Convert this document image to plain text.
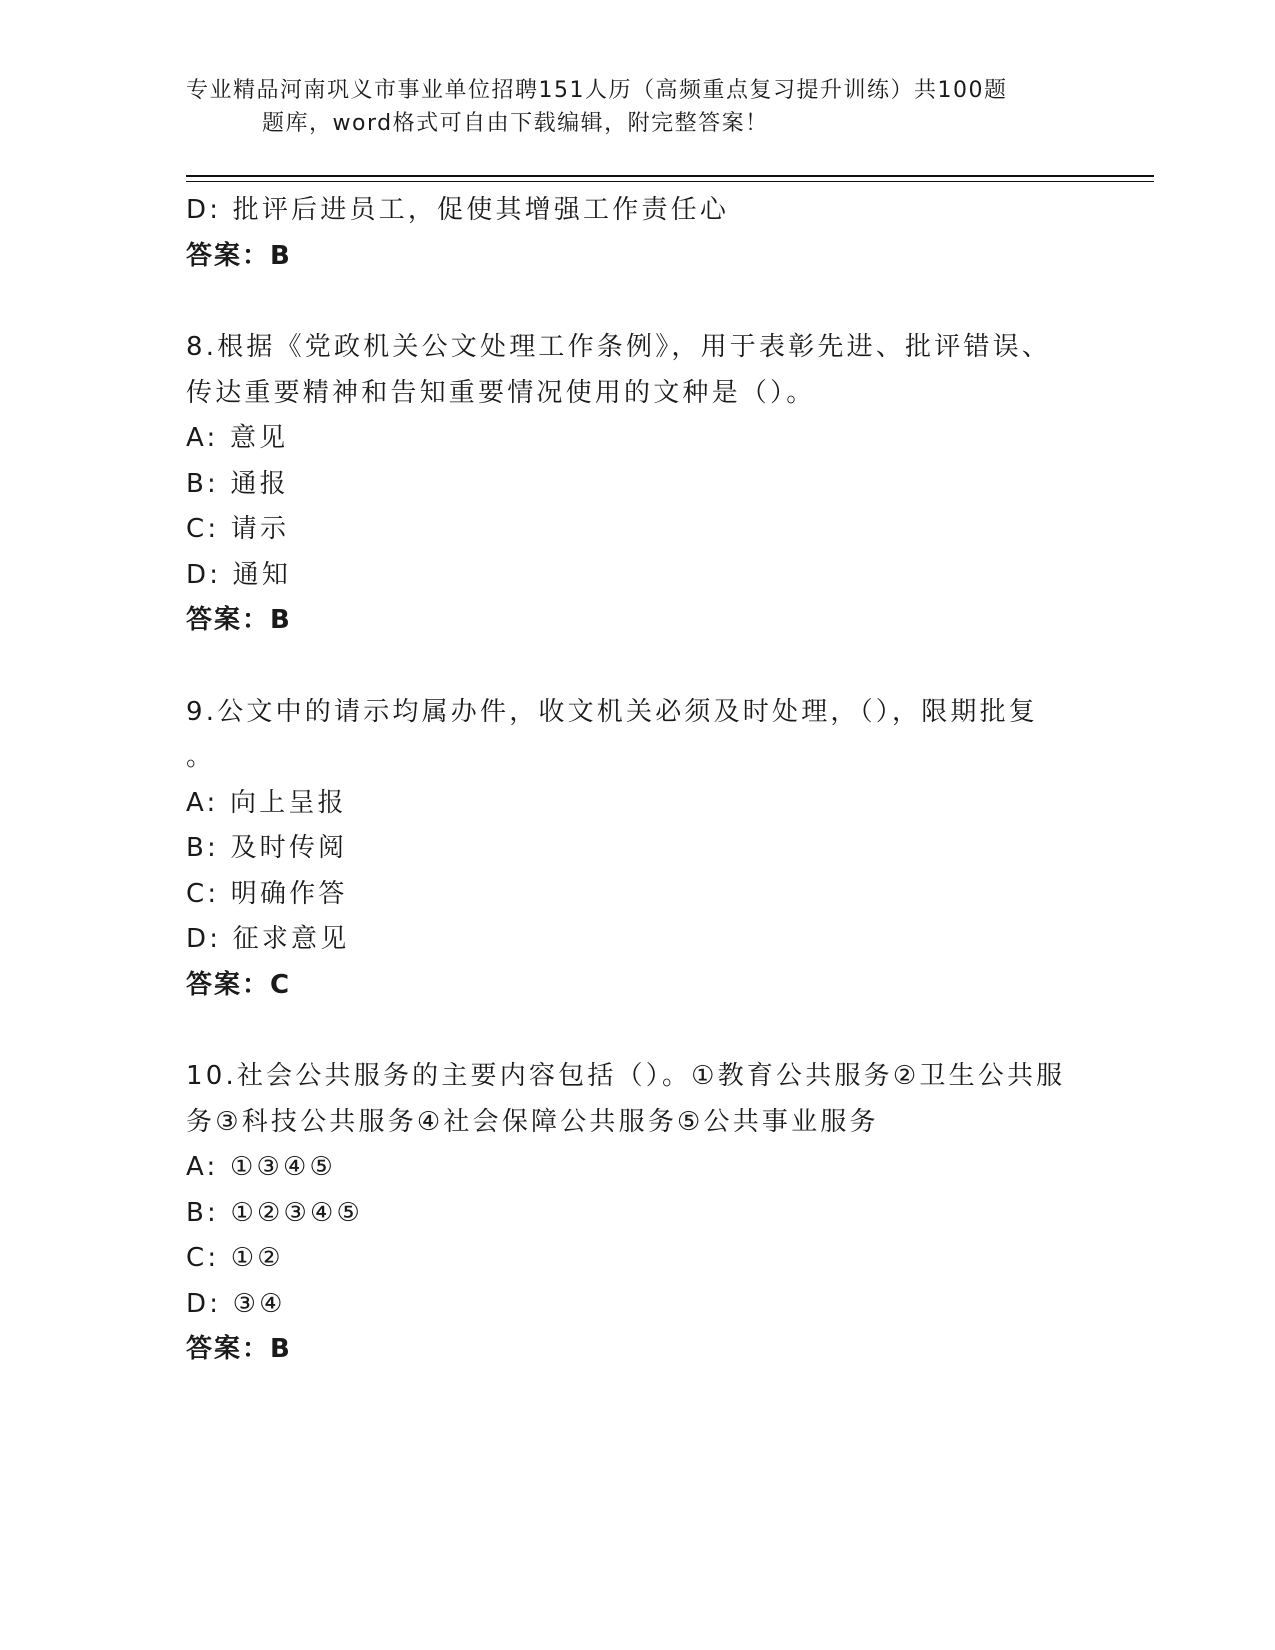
专业精品河南巩义市事业单位招聘151人历（高频重点复习提升训练）共100题
题库，word格式可自由下载编辑，附完整答案！
D: 批评后进员工，促使其增强工作责任心
答案：B
8.根据《党政机关公文处理工作条例》，用于表彰先进、批评错误、
传达重要精神和告知重要情况使用的文种是（）。
A: 意见
B: 通报
C: 请示
D: 通知
答案：B
9.公文中的请示均属办件，收文机关必须及时处理，（），限期批复
。
A: 向上呈报
B: 及时传阅
C: 明确作答
D: 征求意见
答案：C
10.社会公共服务的主要内容包括（）。①教育公共服务②卫生公共服
务③科技公共服务④社会保障公共服务⑤公共事业服务
A: ①③④⑤
B: ①②③④⑤
C: ①②
D: ③④
答案：B
